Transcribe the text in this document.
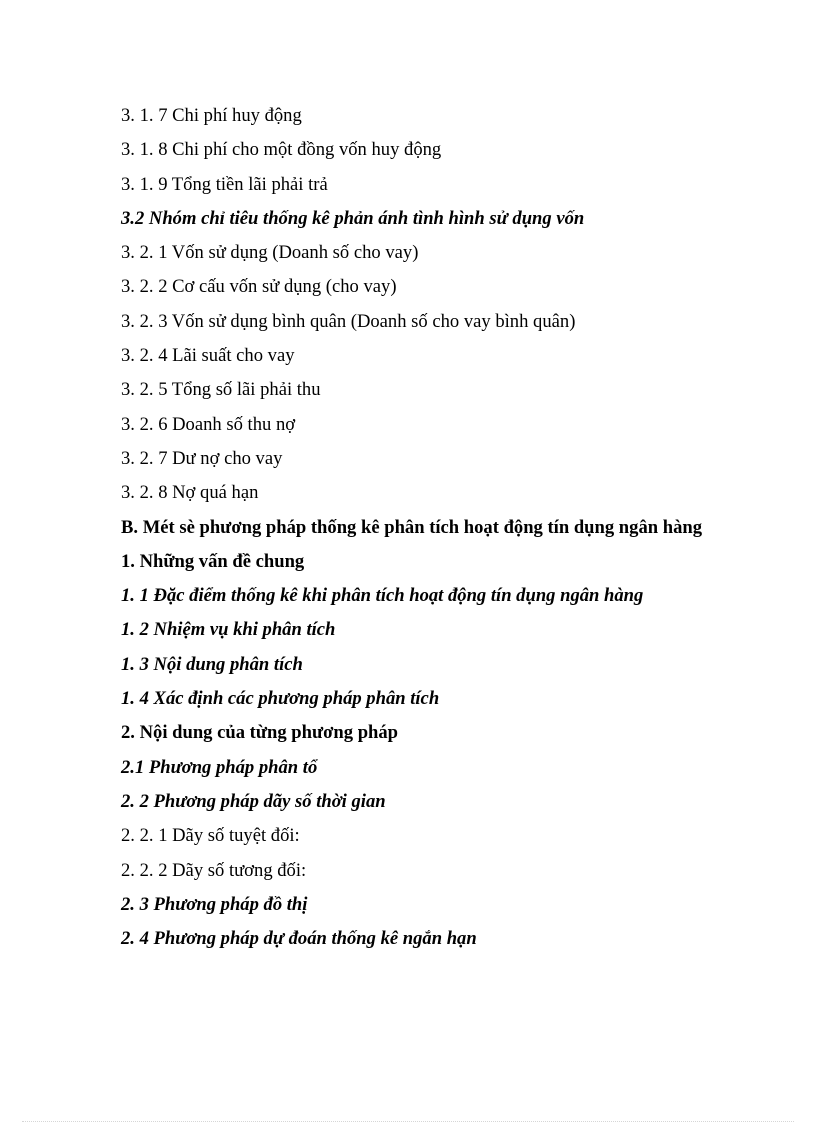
3. 1. 7 Chi phí huy động
3. 1. 8 Chi phí cho một đồng vốn huy động
3. 1. 9 Tổng tiền lãi phải trả
3.2 Nhóm chỉ tiêu thống kê phản ánh tình hình sử dụng vốn
3. 2. 1 Vốn sử dụng (Doanh số cho vay)
3. 2. 2 Cơ cấu vốn sử dụng (cho vay)
3. 2. 3 Vốn sử dụng bình quân (Doanh số cho vay bình quân)
3. 2. 4 Lãi suất cho vay
3. 2. 5 Tổng số lãi phải thu
3. 2. 6 Doanh số thu nợ
3. 2. 7 Dư nợ cho vay
3. 2. 8 Nợ quá hạn
B. Mét sè phương pháp thống kê phân tích hoạt động tín dụng ngân hàng
1. Những vấn đề chung
1. 1 Đặc điểm thống kê khi phân tích hoạt động tín dụng ngân hàng
1. 2 Nhiệm vụ khi phân tích
1. 3 Nội dung phân tích
1. 4 Xác định các phương pháp phân tích
2. Nội dung của từng phương pháp
2.1 Phương pháp phân tổ
2. 2 Phương pháp dãy số thời gian
2. 2. 1 Dãy số tuyệt đối:
2. 2. 2 Dãy số tương đối:
2. 3 Phương pháp đồ thị
2. 4 Phương pháp dự đoán thống kê ngắn hạn
